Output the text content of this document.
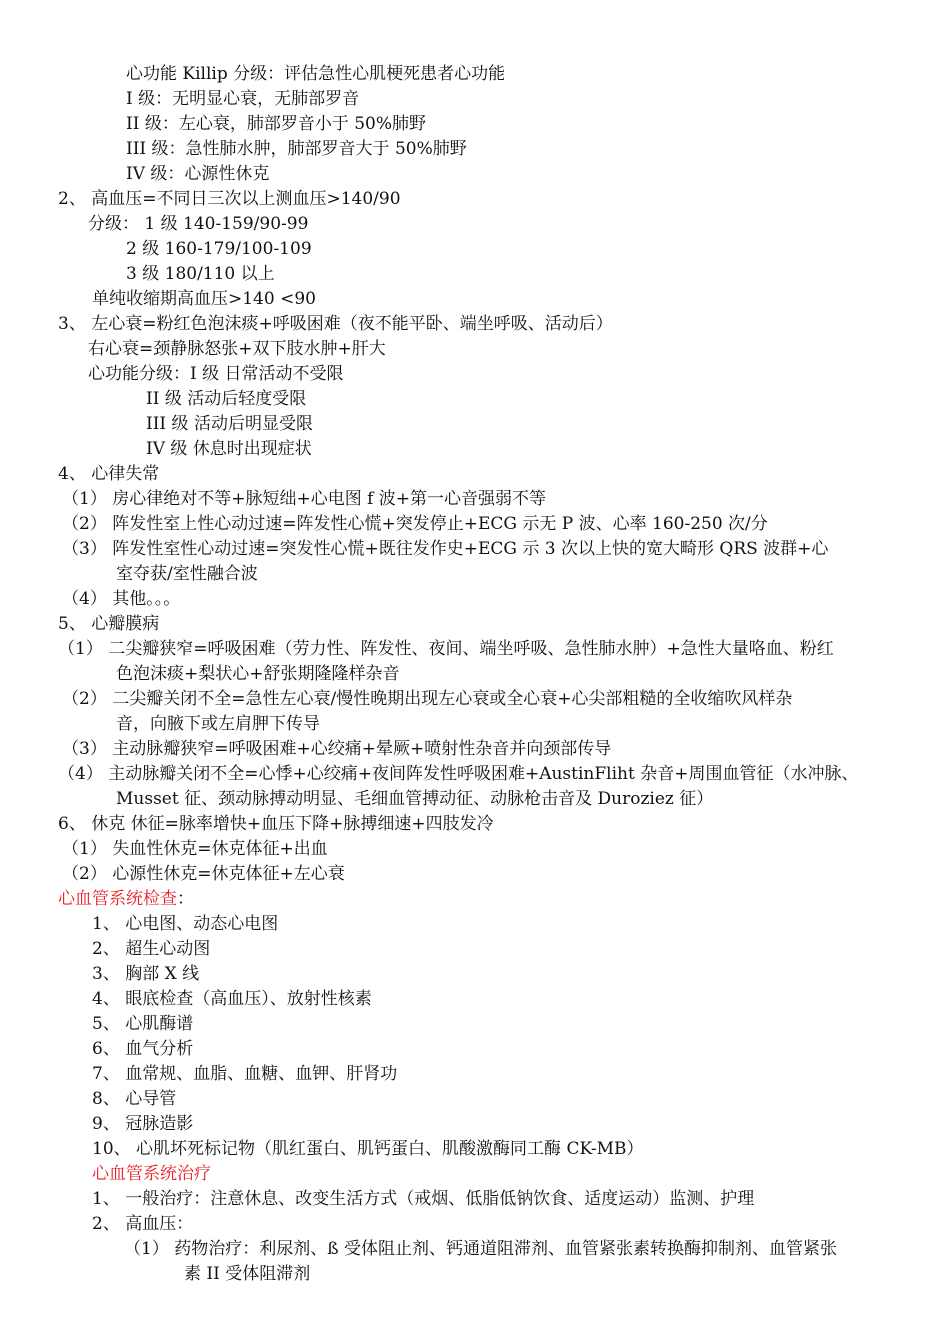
心功能 Killip 分级：评估急性心肌梗死患者心功能
I 级：无明显心衰，无肺部罗音
II 级：左心衰，肺部罗音小于 50%肺野
III 级：急性肺水肿，肺部罗音大于 50%肺野
IV 级：心源性休克
2、 高血压=不同日三次以上测血压>140/90
分级： 1 级 140-159/90-99
2 级 160-179/100-109
3 级 180/110 以上
单纯收缩期高血压>140 <90
3、 左心衰=粉红色泡沫痰+呼吸困难（夜不能平卧、端坐呼吸、活动后）
右心衰=颈静脉怒张+双下肢水肿+肝大
心功能分级：I 级 日常活动不受限
II 级 活动后轻度受限
III 级 活动后明显受限
IV 级 休息时出现症状
4、 心律失常
（1） 房心律绝对不等+脉短绌+心电图 f 波+第一心音强弱不等
（2） 阵发性室上性心动过速=阵发性心慌+突发停止+ECG 示无 P 波、心率 160-250 次/分
（3） 阵发性室性心动过速=突发性心慌+既往发作史+ECG 示 3 次以上快的宽大畸形 QRS 波群+心
室夺获/室性融合波
（4） 其他。。。
5、 心瓣膜病
（1） 二尖瓣狭窄=呼吸困难（劳力性、阵发性、夜间、端坐呼吸、急性肺水肿）+急性大量咯血、粉红
色泡沫痰+梨状心+舒张期隆隆样杂音
（2） 二尖瓣关闭不全=急性左心衰/慢性晚期出现左心衰或全心衰+心尖部粗糙的全收缩吹风样杂
音，向腋下或左肩胛下传导
（3） 主动脉瓣狭窄=呼吸困难+心绞痛+晕厥+喷射性杂音并向颈部传导
（4） 主动脉瓣关闭不全=心悸+心绞痛+夜间阵发性呼吸困难+AustinFliht 杂音+周围血管征（水冲脉、
Musset 征、颈动脉搏动明显、毛细血管搏动征、动脉枪击音及 Duroziez 征）
6、 休克 休征=脉率增快+血压下降+脉搏细速+四肢发冷
（1） 失血性休克=休克体征+出血
（2） 心源性休克=休克体征+左心衰
心血管系统检查：
1、 心电图、动态心电图
2、 超生心动图
3、 胸部 X 线
4、 眼底检查（高血压）、放射性核素
5、 心肌酶谱
6、 血气分析
7、 血常规、血脂、血糖、血钾、肝肾功
8、 心导管
9、 冠脉造影
10、 心肌坏死标记物（肌红蛋白、肌钙蛋白、肌酸激酶同工酶 CK-MB）
心血管系统治疗
1、 一般治疗：注意休息、改变生活方式（戒烟、低脂低钠饮食、适度运动）监测、护理
2、 高血压：
（1） 药物治疗：利尿剂、ß 受体阻止剂、钙通道阻滞剂、血管紧张素转换酶抑制剂、血管紧张
素 II 受体阻滞剂
